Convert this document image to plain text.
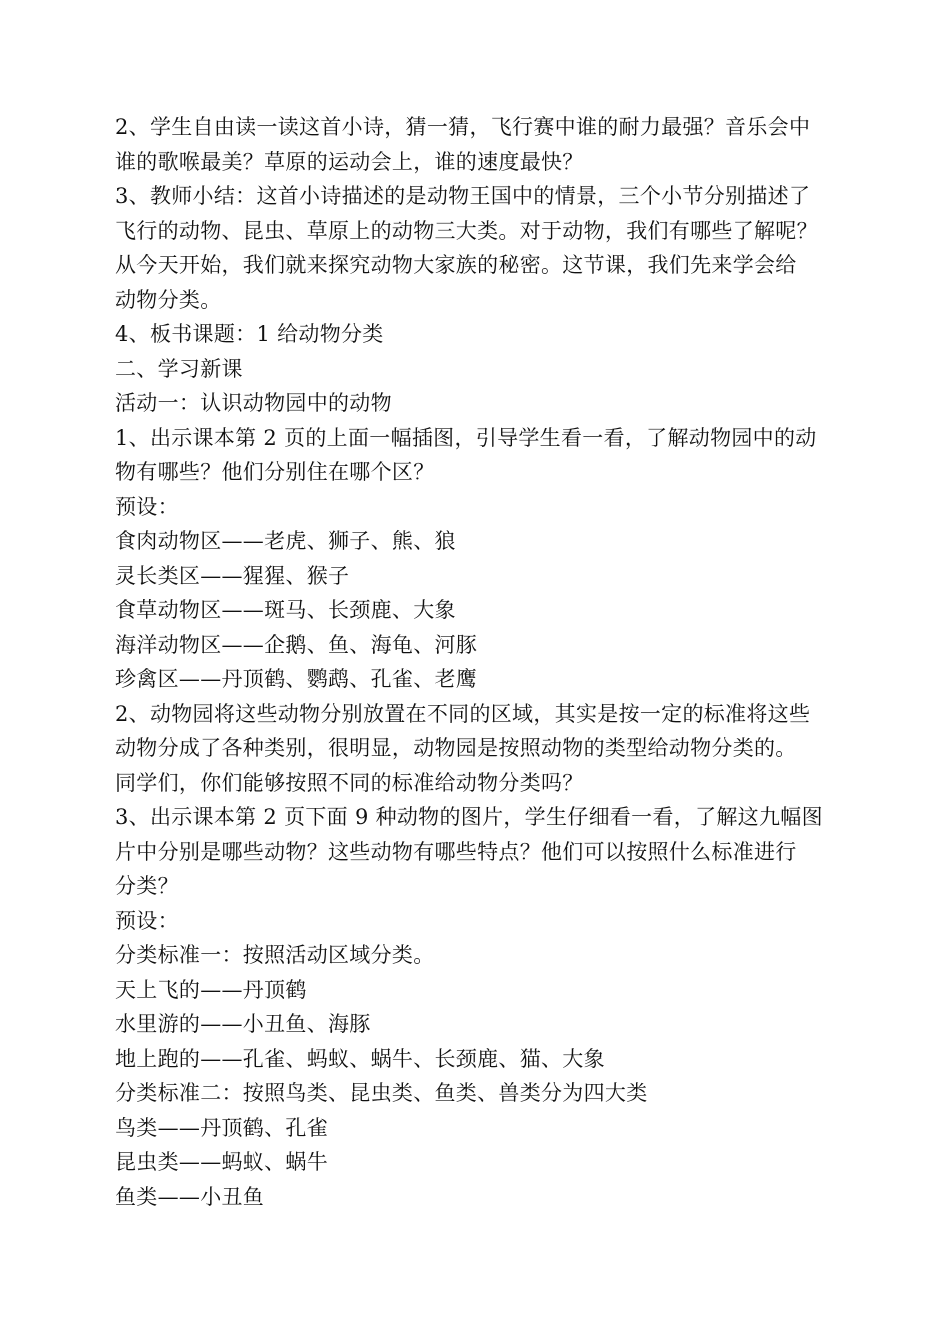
2、学生自由读一读这首小诗，猜一猜，飞行赛中谁的耐力最强？音乐会中
谁的歌喉最美？草原的运动会上，谁的速度最快？
3、教师小结：这首小诗描述的是动物王国中的情景，三个小节分别描述了
飞行的动物、昆虫、草原上的动物三大类。对于动物，我们有哪些了解呢？
从今天开始，我们就来探究动物大家族的秘密。这节课，我们先来学会给
动物分类。
4、板书课题：1 给动物分类
二、学习新课
活动一：认识动物园中的动物
1、出示课本第 2 页的上面一幅插图，引导学生看一看，了解动物园中的动
物有哪些？他们分别住在哪个区？
预设：
食肉动物区——老虎、狮子、熊、狼
灵长类区——猩猩、猴子
食草动物区——斑马、长颈鹿、大象
海洋动物区——企鹅、鱼、海龟、河豚
珍禽区——丹顶鹤、鹦鹉、孔雀、老鹰
2、动物园将这些动物分别放置在不同的区域，其实是按一定的标准将这些
动物分成了各种类别，很明显，动物园是按照动物的类型给动物分类的。
同学们，你们能够按照不同的标准给动物分类吗？
3、出示课本第 2 页下面 9 种动物的图片，学生仔细看一看，了解这九幅图
片中分别是哪些动物？这些动物有哪些特点？他们可以按照什么标准进行
分类？
预设：
分类标准一：按照活动区域分类。
天上飞的——丹顶鹤
水里游的——小丑鱼、海豚
地上跑的——孔雀、蚂蚁、蜗牛、长颈鹿、猫、大象
分类标准二：按照鸟类、昆虫类、鱼类、兽类分为四大类
鸟类——丹顶鹤、孔雀
昆虫类——蚂蚁、蜗牛
鱼类——小丑鱼
